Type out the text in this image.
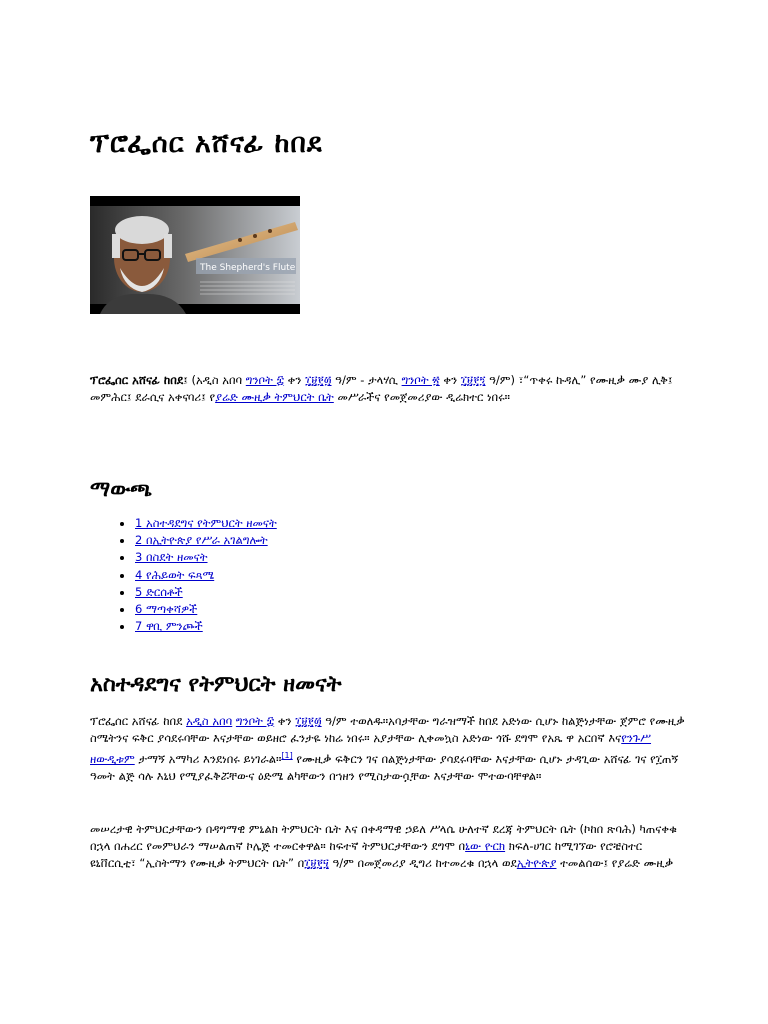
ፕሮፌሰር አሸናፊ ከበደ
The Shepherd's Flute

ፕሮፌሰር አሸናፊ ከበደ፤ (አዲስ አበባ ግንቦት ፰ ቀን ፲፱፻፴ ዓ/ም - ታላሃሲ ግንቦት ፳ ቀን ፲፱፻፺ ዓ/ም) ፣“ጥቀሩ ኩዳሊ” የሙዚቃ ሙያ ሊቅ፤ መምሕር፤ ደራሲና አቀናባሪ፤ የያሬድ ሙዚቃ ትምህርት ቤት መሥራችና የመጀመሪያው ዲሬክተር ነበሩ።

ማውጫ
1 አስተዳደግና የትምህርት ዘመናት
2 በኢትዮጵያ የሥራ አገልግሎት
3 በስደት ዘመናት
4 የሕይወት ፍጻሜ
5 ድርሰቶች
6 ማጣቀሻዎች
7 ዋቢ ምንጮች
አስተዳደግና የትምህርት ዘመናት

ፕሮፌሰር አሸናፊ ከበደ አዲስ አበባ ግንቦት ፰ ቀን ፲፱፻፴ ዓ/ም ተወለዱ።አባታቸው ግራዝማች ከበደ አድነው ሲሆኑ ከልጅነታቸው ጀምሮ የሙዚቃ ስሜትንና ፍቅር ያሳደሩባቸው እናታቸው ወይዘሮ ፈንታዬ ነከሬ ነበሩ። አያታቸው ሊቀመኳስ አድነው ጎሹ ደግሞ የአጼ ዋ አርበኛ እናየንጉሥ ዘውዲቱም ታማኝ አማካሪ እንደነበሩ ይነገራል።[1] የሙዚቃ ፍቅርን ገና በልጅነታቸው ያሳደሩባቸው እናታቸው ሲሆኑ ታዳጊው አሸናፊ ገና የ፲ጠኝ ዓመት ልጅ ሳሉ እኒህ የሚያፈቅሯቸውና ዕድሜ ልካቸውን በኀዘን የሚስታውሷቸው እናታቸው ሞተውባቸዋል።

መሠረታዊ ትምህርታቸውን በዳግማዊ ምኒልክ ትምህርት ቤት እና በቀዳማዊ ኃይለ ሥላሴ ሁለተኛ ደረጃ ትምህርት ቤት (ኮከበ ጽባሕ) ካጠናቀቁ በኋላ በሐረር የመምህራን ማሠልጠኛ ኮሌጅ ተመርቀዋል። ከፍተኛ ትምህርታቸውን ደግሞ በኒው ዮርክ ክፍለ-ሀገር ከሚገኘው የሮቼስተር ዩኒቨርሲቲ፣ “ኢስትማን የሙዚቃ ትምህርት ቤት” በ፲፱፻፶ ዓ/ም በመጀመሪያ ዲግሪ ከተመረቁ በኋላ ወደኢትዮጵያ ተመልሰው፤ የያሬድ ሙዚቃ
